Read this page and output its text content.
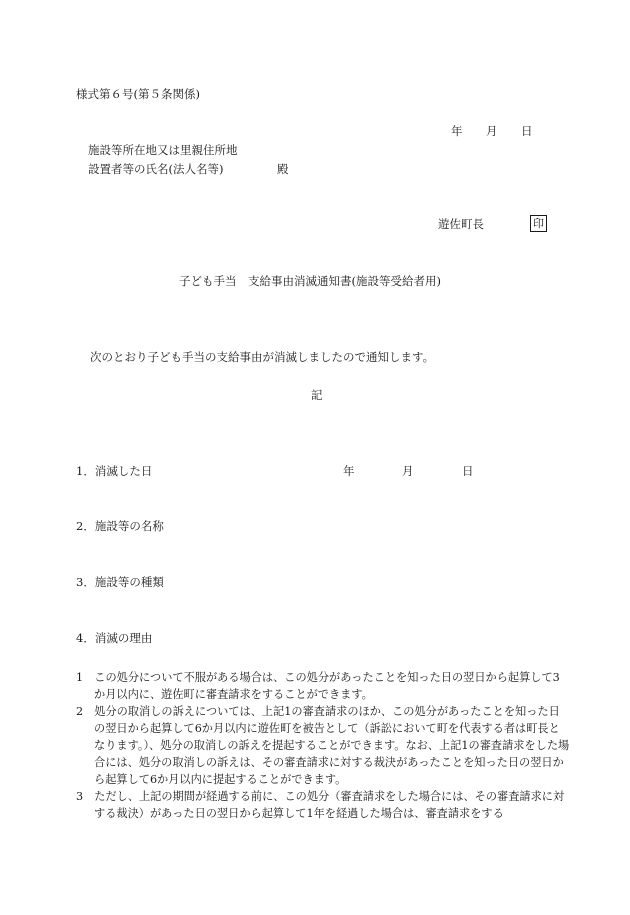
様式第６号(第５条関係)
年 月 日
施設等所在地又は里親住所地
設置者等の氏名(法人名等)	殿
遊佐町長	印
子ども手当　支給事由消滅通知書(施設等受給者用)
次のとおり子ども手当の支給事由が消滅しましたので通知します。
記
1．消滅した日	年	月	日
2．施設等の名称
3．施設等の種類
4．消滅の理由
1　この処分について不服がある場合は、この処分があったことを知った日の翌日から起算して3か月以内に、遊佐町に審査請求をすることができます。
2　処分の取消しの訴えについては、上記1の審査請求のほか、この処分があったことを知った日の翌日から起算して6か月以内に遊佐町を被告として（訴訟において町を代表する者は町長となります。）、処分の取消しの訴えを提起することができます。なお、上記1の審査請求をした場合には、処分の取消しの訴えは、その審査請求に対する裁決があったことを知った日の翌日から起算して6か月以内に提起することができます。
3　ただし、上記の期間が経過する前に、この処分（審査請求をした場合には、その審査請求に対する裁決）があった日の翌日から起算して1年を経過した場合は、審査請求をする
